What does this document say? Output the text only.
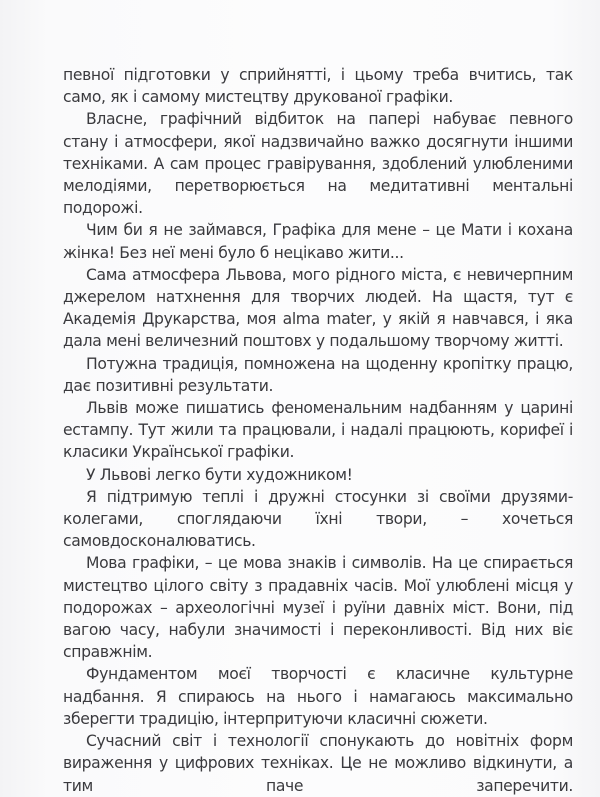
певної підготовки у сприйнятті, і цьому треба вчитись, так само, як і самому мистецтву друкованої графіки.

Власне, графічний відбиток на папері набуває певного стану і атмосфери, якої надзвичайно важко досягнути іншими техніками. А сам процес гравірування, здоблений улюбленими мелодіями, перетворюється на медитативні ментальні подорожі.

Чим би я не займався, Графіка для мене – це Мати і кохана жінка! Без неї мені було б нецікаво жити...

Сама атмосфера Львова, мого рідного міста, є невичерпним джерелом натхнення для творчих людей. На щастя, тут є Академія Друкарства, моя alma mater, у якій я навчався, і яка дала мені величезний поштовх у подальшому творчому житті.

Потужна традиція, помножена на щоденну кропітку працю, дає позитивні результати.

Львів може пишатись феноменальним надбанням у царині естампу. Тут жили та працювали, і надалі працюють, корифеї і класики Української графіки.

У Львові легко бути художником!

Я підтримую теплі і дружні стосунки зі своїми друзями-колегами, споглядаючи їхні твори, – хочеться самовдосконалюватись.

Мова графіки, – це мова знаків і символів. На це спирається мистецтво цілого світу з прадавніх часів. Мої улюблені місця у подорожах – археологічні музеї і руїни давніх міст. Вони, під вагою часу, набули значимості і переконливості. Від них віє справжнім.

Фундаментом моєї творчості є класичне культурне надбання. Я спираюсь на нього і намагаюсь максимально зберегти традицію, інтерпритуючи класичні сюжети.

Сучасний світ і технології спонукають до новітніх форм вираження у цифрових техніках. Це не можливо відкинути, а тим паче заперечити.
